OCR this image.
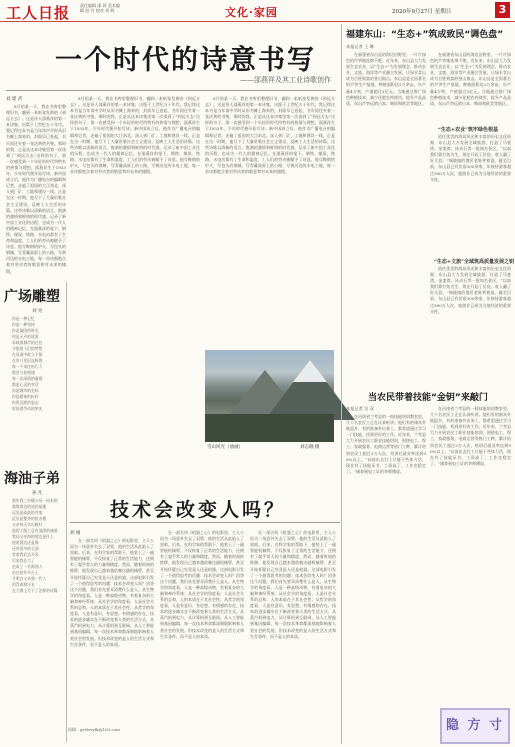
工人日报 责任编辑 邵 玥 美术编辑 赵 丹 校对 刘 辉	文化·家园	2020年9月27日 星期日	3
一个时代的诗意书写
——邵燕祥及其工业诗歌创作
刘 建 武

8月的某一天，我在书库里整理旧书，翻到一本纸张发黄的《到远方去》。这是诗人邵燕祥的第一本诗集，出版于上世纪五十年代。我记得这本书是当年读中学时从旧书摊上淘来的，封面早已卷起，书页间还夹着一张泛黄的书签。那时的我，正是从这本诗集里第一次读到了“到远方去”这样的句子，第一次感受到一个年轻的时代所特有的热情与理想。邵燕祥生于1933年，少年时代便开始写诗。新中国成立后，他作为广播电台的编辑和记者，走遍了祖国的大江南北，深入到厂矿、工地和建设一线。正是在这一时期，他写下了大量讴歌社会主义建设、反映工人生活的诗篇。这些诗歌以清新的语言、饱满的激情和鲜明的时代感，记录了新中国工业化的历程，也成为一代人的精神记忆。在邵燕祥的笔下，钢铁、煤炭、铁路、水电站都有了生命和温度，工人们的劳动被赋予了诗意。他写鞍钢的炉火，写包头的钢城，写青藏高原上的公路，写黄河边的水电工地，每一首诗都饱含着对劳动者的敬意和对未来的憧憬。

8月的某一天，我在书库里整理旧书，翻到一本纸张发黄的《到远方去》。这是诗人邵燕祥的第一本诗集，出版于上世纪五十年代。我记得这本书是当年读中学时从旧书摊上淘来的，封面早已卷起，书页间还夹着一张泛黄的书签。那时的我，正是从这本诗集里第一次读到了“到远方去”这样的句子，第一次感受到一个年轻的时代所特有的热情与理想。邵燕祥生于1933年，少年时代便开始写诗。新中国成立后，他作为广播电台的编辑和记者，走遍了祖国的大江南北，深入到厂矿、工地和建设一线。正是在这一时期，他写下了大量讴歌社会主义建设、反映工人生活的诗篇。这些诗歌以清新的语言、饱满的激情和鲜明的时代感，记录了新中国工业化的历程，也成为一代人的精神记忆。在邵燕祥的笔下，钢铁、煤炭、铁路、水电站都有了生命和温度，工人们的劳动被赋予了诗意。他写鞍钢的炉火，写包头的钢城，写青藏高原上的公路，写黄河边的水电工地，每一首诗都饱含着对劳动者的敬意和对未来的憧憬。

8月的某一天，我在书库里整理旧书，翻到一本纸张发黄的《到远方去》。这是诗人邵燕祥的第一本诗集，出版于上世纪五十年代。我记得这本书是当年读中学时从旧书摊上淘来的，封面早已卷起，书页间还夹着一张泛黄的书签。那时的我，正是从这本诗集里第一次读到了“到远方去”这样的句子，第一次感受到一个年轻的时代所特有的热情与理想。邵燕祥生于1933年，少年时代便开始写诗。新中国成立后，他作为广播电台的编辑和记者，走遍了祖国的大江南北，深入到厂矿、工地和建设一线。正是在这一时期，他写下了大量讴歌社会主义建设、反映工人生活的诗篇。这些诗歌以清新的语言、饱满的激情和鲜明的时代感，记录了新中国工业化的历程，也成为一代人的精神记忆。在邵燕祥的笔下，钢铁、煤炭、铁路、水电站都有了生命和温度，工人们的劳动被赋予了诗意。他写鞍钢的炉火，写包头的钢城，写青藏高原上的公路，写黄河边的水电工地，每一首诗都饱含着对劳动者的敬意和对未来的憧憬。

广场雕塑
刘 亮
你是一种记忆
你是一种坚持
你是凝固的时光
你是无声的诉说
承载着城市的过往
守望着人们的梦想
在风雨中屹立不倒
在岁月里沉淀辉煌
每一个来往的行人
都会与你相遇
每一次深情的凝望
都是心灵的对话
你是城市的坐标
你是精神的标杆
你用沉默的姿态
诉说着劳动的荣光
海油子弟
孙 凡
那年我三岁随父母一同来到
渤海湾边的油田基地
远处是高高的井架
近处是整齐的宿舍楼
父亲每天早出晚归
他的工服上总有油渍的味道
我问父亲海的那边是什么
他说那边还是海
还有更多的石油
等着我们去开采
后来我长大了
也成了一名海油人
站在钻井平台上
才明白父亲那一代人
用青春和汗水
在大海上写下了怎样的诗篇
雪山风光（油画）	刘志刚 摄
技术会改变人吗？
胡 刚

在一部名叫《机器之心》的电影里，主人公因为一场意外失去了双臂，他的生活从此陷入了黑暗。后来，在科学家的帮助下，他装上了一副智能机械臂，不仅恢复了正常的生活能力，还拥有了超乎常人的力量和精度。然而，随着时间的推移，他发现自己越来越依赖这副机械臂，甚至开始怀疑自己究竟是人还是机器。这部电影引发了一个值得思考的问题：技术会改变人吗？回答这个问题，我们首先要弄清楚什么是人。从生物学的角度看，人是一种高级动物，有着复杂的大脑和神经系统；从社会学的角度看，人是社会关系的总和，人的本质在于其社会性；从哲学的角度看，人是有意识、有思想、有情感的存在。技术的进步确实在不断改变着人类的生活方式，从蒸汽机到电力，从计算机到互联网，从人工智能到基因编辑，每一次技术革命都深刻地影响着人类社会的发展。但技术改变的是人的生活方式和生存条件，而不是人的本质。

在一部名叫《机器之心》的电影里，主人公因为一场意外失去了双臂，他的生活从此陷入了黑暗。后来，在科学家的帮助下，他装上了一副智能机械臂，不仅恢复了正常的生活能力，还拥有了超乎常人的力量和精度。然而，随着时间的推移，他发现自己越来越依赖这副机械臂，甚至开始怀疑自己究竟是人还是机器。这部电影引发了一个值得思考的问题：技术会改变人吗？回答这个问题，我们首先要弄清楚什么是人。从生物学的角度看，人是一种高级动物，有着复杂的大脑和神经系统；从社会学的角度看，人是社会关系的总和，人的本质在于其社会性；从哲学的角度看，人是有意识、有思想、有情感的存在。技术的进步确实在不断改变着人类的生活方式，从蒸汽机到电力，从计算机到互联网，从人工智能到基因编辑，每一次技术革命都深刻地影响着人类社会的发展。但技术改变的是人的生活方式和生存条件，而不是人的本质。

在一部名叫《机器之心》的电影里，主人公因为一场意外失去了双臂，他的生活从此陷入了黑暗。后来，在科学家的帮助下，他装上了一副智能机械臂，不仅恢复了正常的生活能力，还拥有了超乎常人的力量和精度。然而，随着时间的推移，他发现自己越来越依赖这副机械臂，甚至开始怀疑自己究竟是人还是机器。这部电影引发了一个值得思考的问题：技术会改变人吗？回答这个问题，我们首先要弄清楚什么是人。从生物学的角度看，人是一种高级动物，有着复杂的大脑和神经系统；从社会学的角度看，人是社会关系的总和，人的本质在于其社会性；从哲学的角度看，人是有意识、有思想、有情感的存在。技术的进步确实在不断改变着人类的生活方式，从蒸汽机到电力，从计算机到互联网，从人工智能到基因编辑，每一次技术革命都深刻地影响着人类社会的发展。但技术改变的是人的生活方式和生存条件，而不是人的本质。

投稿：grrbwyfk@163.com
福建东山：“生态+”筑成致民“调色盘”
本报记者 王 琳

在福建省东山县的海边田野里，一片片绿色的芦笋地连绵不绝。近年来，东山县大力发展生态农业，以“生态+”为发展理念，推动农业、文旅、海洋等产业融合发展，让绿水青山成为百姓致富的金山银山。东山县是全国著名的芦笋生产基地，种植面积达2万余亩，年产量4万吨，产值超过3亿元。当地通过推广绿色种植技术，减少化肥农药使用，提升产品品质，东山芦笋远销日本、韩国和欧美等地区。

在福建省东山县的海边田野里，一片片绿色的芦笋地连绵不绝。近年来，东山县大力发展生态农业，以“生态+”为发展理念，推动农业、文旅、海洋等产业融合发展，让绿水青山成为百姓致富的金山银山。东山县是全国著名的芦笋生产基地，种植面积达2万余亩，年产量4万吨，产值超过3亿元。当地通过推广绿色种植技术，减少化肥农药使用，提升产品品质，东山芦笋远销日本、韩国和欧美等地区。

“生态+农业”筑牢绿色根基

依托优美的海岛风光和丰富的历史文化资源，东山县大力发展全域旅游，打造了马銮湾、金銮湾、风动石等一批知名景区。“以前我们靠打鱼为生，现在开起了民宿，收入翻了好几倍。”铜陵镇的渔民老陈笑着说。截至目前，东山县已有民宿300余家，年接待游客超过500万人次，旅游业已成为当地经济的重要支柱。

“生态+文旅”全域筑高质量发展之钥

依托优美的海岛风光和丰富的历史文化资源，东山县大力发展全域旅游，打造了马銮湾、金銮湾、风动石等一批知名景区。“以前我们靠打鱼为生，现在开起了民宿，收入翻了好几倍。”铜陵镇的渔民老陈笑着说。截至目前，东山县已有民宿300余家，年接待游客超过500万人次，旅游业已成为当地经济的重要支柱。

当农民带着技能“金钥”来敲门
本报记者 吴 双

在河南省兰考县的一间技能培训教室里，几十名农民工正在认真听讲。他们有的刚从外地返乡，有的准备外出务工，都希望通过学习一门技能，找到更好的工作。近年来，兰考县大力开展农民工职业技能培训，围绕电工、焊工、家政服务、电商运营等热门工种，累计培训农民工超过3万人次，培训后就业率达到90%以上。“以前出去打工只能干些体力活，现在有了技能证书，工资高了，工作也稳定了。”刚拿到电工证的李师傅说。

在河南省兰考县的一间技能培训教室里，几十名农民工正在认真听讲。他们有的刚从外地返乡，有的准备外出务工，都希望通过学习一门技能，找到更好的工作。近年来，兰考县大力开展农民工职业技能培训，围绕电工、焊工、家政服务、电商运营等热门工种，累计培训农民工超过3万人次，培训后就业率达到90%以上。“以前出去打工只能干些体力活，现在有了技能证书，工资高了，工作也稳定了。”刚拿到电工证的李师傅说。

隐 方 寸
